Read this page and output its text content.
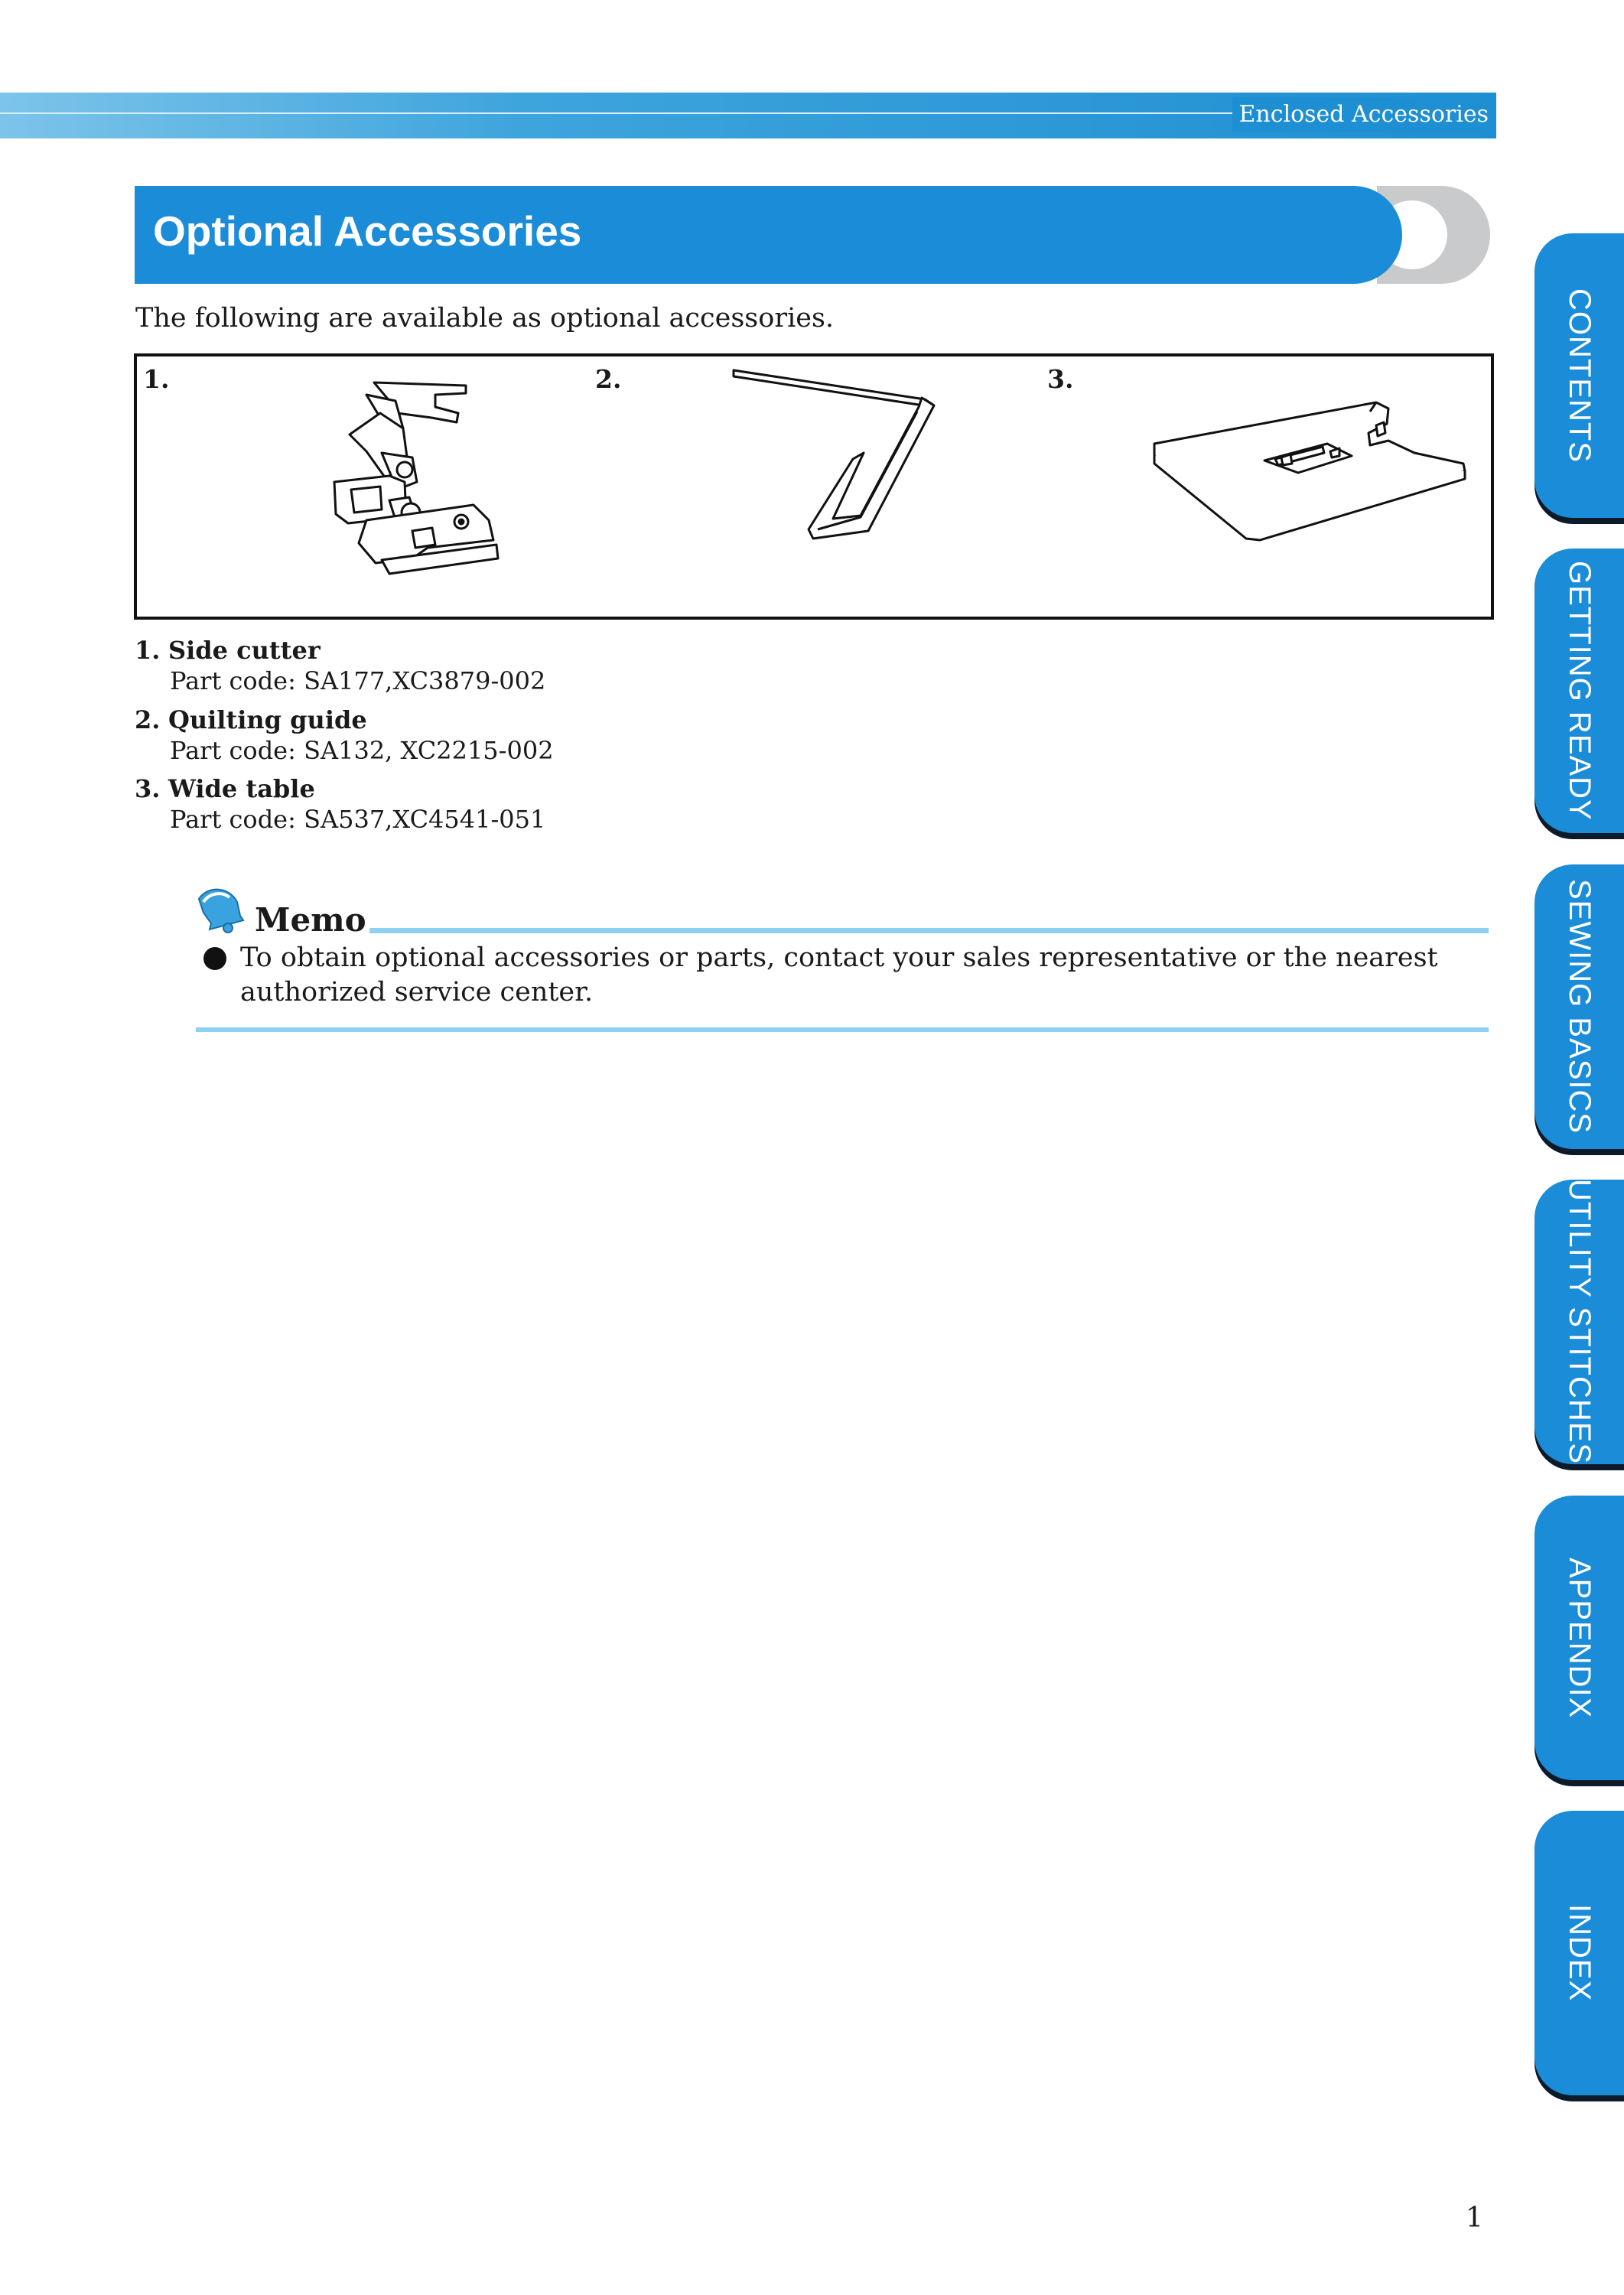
Enclosed Accessories
Optional Accessories
The following are available as optional accessories.
1.	2.	3.
1. Side cutter
Part code: SA177,XC3879-002
2. Quilting guide
Part code: SA132, XC2215-002
3. Wide table
Part code: SA537,XC4541-051
Memo
To obtain optional accessories or parts, contact your sales representative or the nearest authorized service center.
CONTENTS
GETTING READY
SEWING BASICS
UTILITY STITCHES
APPENDIX
INDEX
1
